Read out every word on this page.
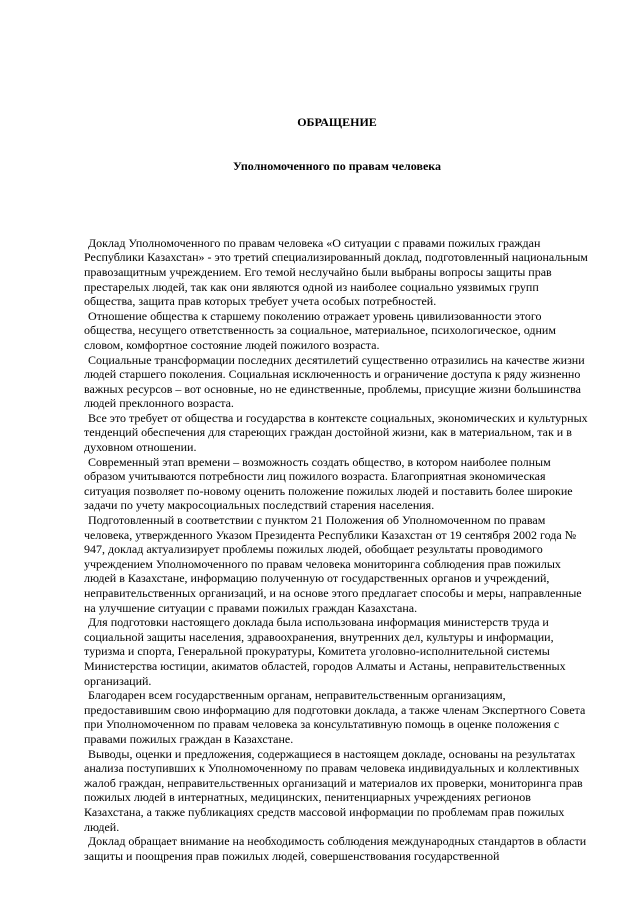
ОБРАЩЕНИЕ

Уполномоченного по правам человека

Доклад Уполномоченного по правам человека «О ситуации с правами пожилых граждан Республики Казахстан» - это третий специализированный доклад, подготовленный национальным правозащитным учреждением. Его темой неслучайно были выбраны вопросы защиты прав престарелых людей, так как они являются одной из наиболее социально уязвимых групп общества, защита прав которых требует учета особых потребностей.

Отношение общества к старшему поколению отражает уровень цивилизованности этого общества, несущего ответственность за социальное, материальное, психологическое, одним словом, комфортное состояние людей пожилого возраста.

Социальные трансформации последних десятилетий существенно отразились на качестве жизни людей старшего поколения. Социальная исключенность и ограничение доступа к ряду жизненно важных ресурсов – вот основные, но не единственные, проблемы, присущие жизни большинства людей преклонного возраста.

Все это требует от общества и государства в контексте социальных, экономических и культурных тенденций обеспечения для стареющих граждан достойной жизни, как в материальном, так и в духовном отношении.

Современный этап времени – возможность создать общество, в котором наиболее полным образом учитываются потребности лиц пожилого возраста. Благоприятная экономическая ситуация позволяет по-новому оценить положение пожилых людей и поставить более широкие задачи по учету макросоциальных последствий старения населения.

Подготовленный в соответствии с пунктом 21 Положения об Уполномоченном по правам человека, утвержденного Указом Президента Республики Казахстан от 19 сентября 2002 года № 947, доклад актуализирует проблемы пожилых людей, обобщает результаты проводимого учреждением Уполномоченного по правам человека мониторинга соблюдения прав пожилых людей в Казахстане, информацию полученную от государственных органов и учреждений, неправительственных организаций, и на основе этого предлагает способы и меры, направленные на улучшение ситуации с правами пожилых граждан Казахстана.

Для подготовки настоящего доклада была использована информация министерств труда и социальной защиты населения, здравоохранения, внутренних дел, культуры и информации, туризма и спорта, Генеральной прокуратуры, Комитета уголовно-исполнительной системы Министерства юстиции, акиматов областей, городов Алматы и Астаны, неправительственных организаций.

Благодарен всем государственным органам, неправительственным организациям, предоставившим свою информацию для подготовки доклада, а также членам Экспертного Совета при Уполномоченном по правам человека за консультативную помощь в оценке положения с правами пожилых граждан в Казахстане.

Выводы, оценки и предложения, содержащиеся в настоящем докладе, основаны на результатах анализа поступивших к Уполномоченному по правам человека индивидуальных и коллективных жалоб граждан, неправительственных организаций и материалов их проверки, мониторинга прав пожилых людей в интернатных, медицинских, пенитенциарных учреждениях регионов Казахстана, а также публикациях средств массовой информации по проблемам прав пожилых людей.

Доклад обращает внимание на необходимость соблюдения международных стандартов в области защиты и поощрения прав пожилых людей, совершенствования государственной
